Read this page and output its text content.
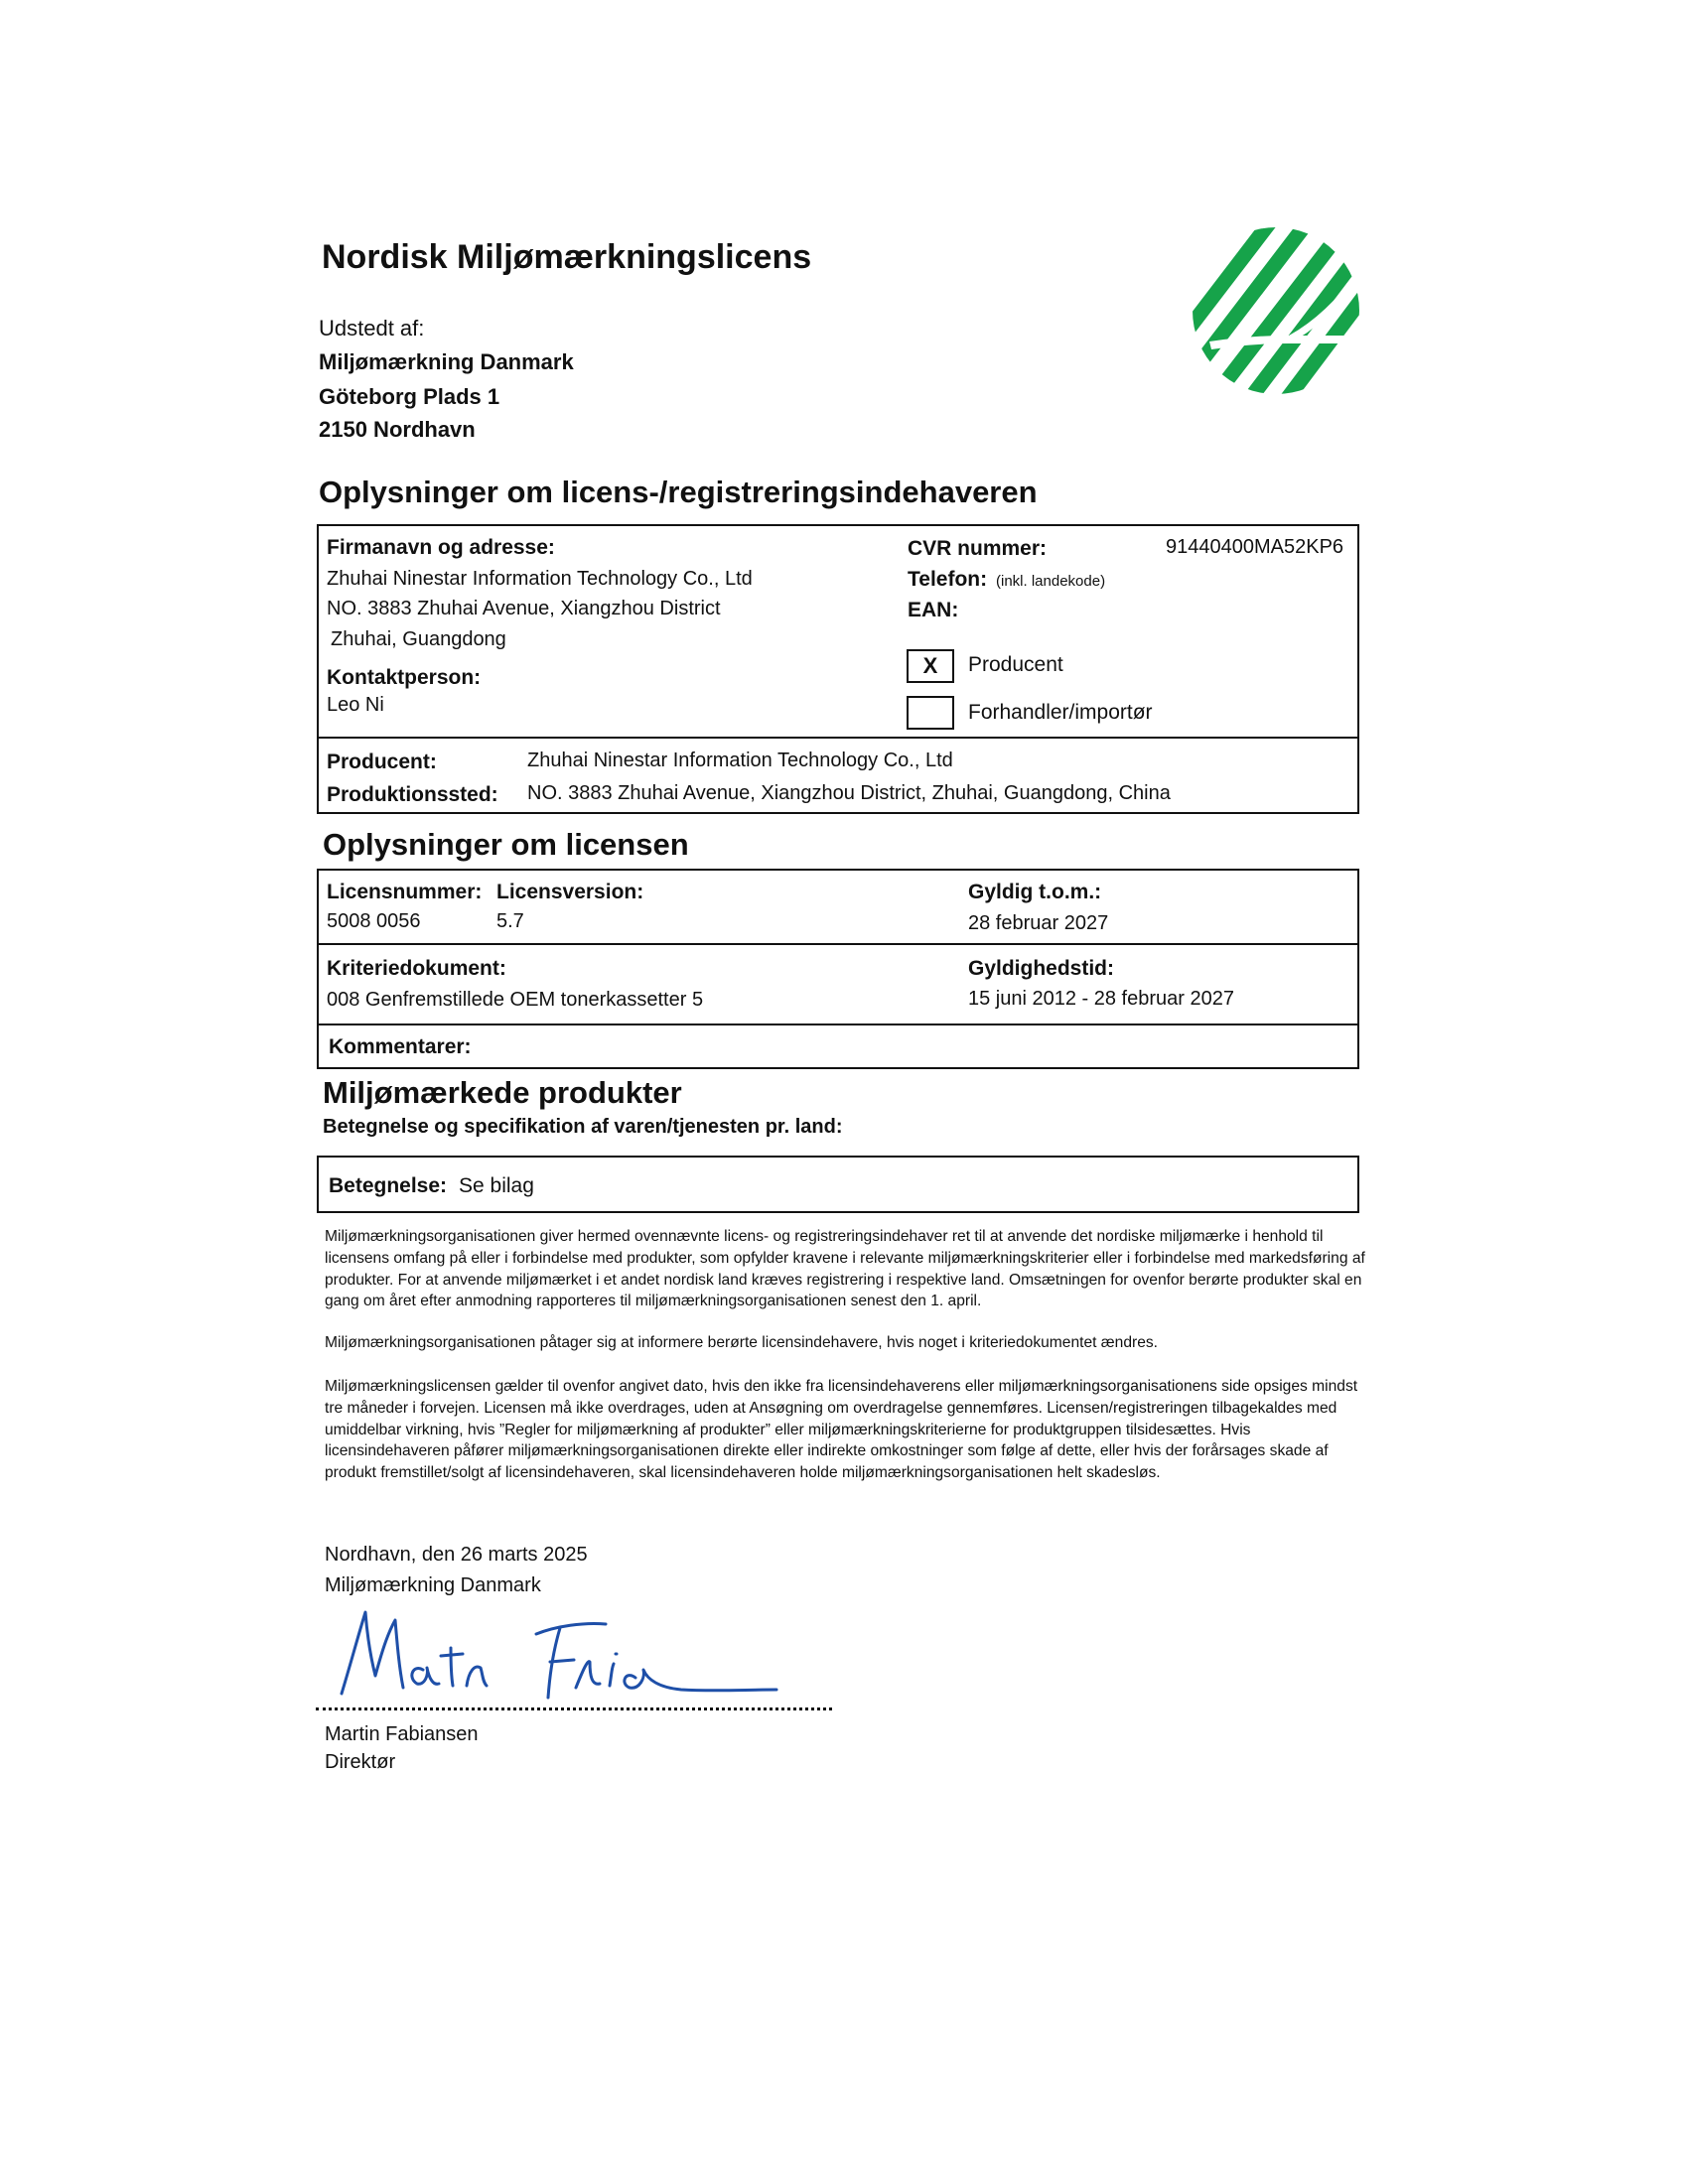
Nordisk Miljømærkningslicens
Udstedt af:
Miljømærkning Danmark
Göteborg Plads 1
2150 Nordhavn
Oplysninger om licens-/registreringsindehaveren
Firmanavn og adresse:
Zhuhai Ninestar Information Technology Co., Ltd
NO. 3883 Zhuhai Avenue, Xiangzhou District
Zhuhai, Guangdong
Kontaktperson:
Leo Ni
CVR nummer:	91440400MA52KP6
Telefon: (inkl. landekode)
EAN:
X	Producent
Forhandler/importør
Producent:	Zhuhai Ninestar Information Technology Co., Ltd
Produktionssted: NO. 3883 Zhuhai Avenue, Xiangzhou District, Zhuhai, Guangdong, China
Oplysninger om licensen
Licensnummer:
5008 0056
Licensversion:
5.7
Gyldig t.o.m.:
28 februar 2027
Kriteriedokument:
008 Genfremstillede OEM tonerkassetter 5
Gyldighedstid:
15 juni 2012 - 28 februar 2027
Kommentarer:
Miljømærkede produkter
Betegnelse og specifikation af varen/tjenesten pr. land:
Betegnelse: Se bilag
Miljømærkningsorganisationen giver hermed ovennævnte licens- og registreringsindehaver ret til at anvende det nordiske miljømærke i henhold til licensens omfang på eller i forbindelse med produkter, som opfylder kravene i relevante miljømærkningskriterier eller i forbindelse med markedsføring af produkter. For at anvende miljømærket i et andet nordisk land kræves registrering i respektive land. Omsætningen for ovenfor berørte produkter skal en gang om året efter anmodning rapporteres til miljømærkningsorganisationen senest den 1. april.
Miljømærkningsorganisationen påtager sig at informere berørte licensindehavere, hvis noget i kriteriedokumentet ændres.
Miljømærkningslicensen gælder til ovenfor angivet dato, hvis den ikke fra licensindehaverens eller miljømærkningsorganisationens side opsiges mindst tre måneder i forvejen. Licensen må ikke overdrages, uden at Ansøgning om overdragelse gennemføres. Licensen/registreringen tilbagekaldes med umiddelbar virkning, hvis ”Regler for miljømærkning af produkter” eller miljømærkningskriterierne for produktgruppen tilsidesættes. Hvis licensindehaveren påfører miljømærkningsorganisationen direkte eller indirekte omkostninger som følge af dette, eller hvis der forårsages skade af produkt fremstillet/solgt af licensindehaveren, skal licensindehaveren holde miljømærkningsorganisationen helt skadesløs.
Nordhavn, den 26 marts 2025
Miljømærkning Danmark
Martin Fabiansen
Direktør
